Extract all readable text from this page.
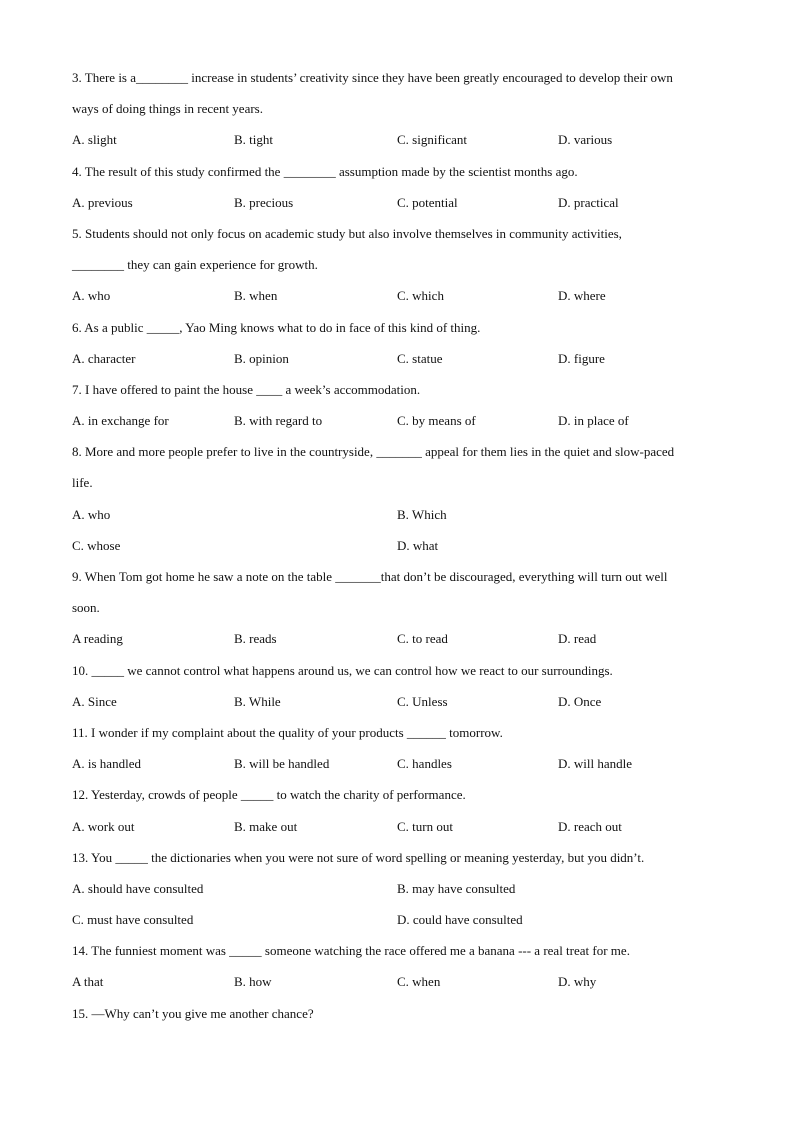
3. There is a________ increase in students’ creativity since they have been greatly encouraged to develop their own
ways of doing things in recent years.
A. slight	B. tight	C. significant	D. various
4. The result of this study confirmed the ________ assumption made by the scientist months ago.
A. previous	B. precious	C. potential	D. practical
5. Students should not only focus on academic study but also involve themselves in community activities,
________ they can gain experience for growth.
A. who	B. when	C. which	D. where
6. As a public _____, Yao Ming knows what to do in face of this kind of thing.
A. character	B. opinion	C. statue	D. figure
7. I have offered to paint the house ____ a week’s accommodation.
A. in exchange for	B. with regard to	C. by means of	D. in place of
8. More and more people prefer to live in the countryside, _______ appeal for them lies in the quiet and slow-paced
life.
A. who	B. Which
C. whose	D. what
9. When Tom got home he saw a note on the table _______that don’t be discouraged, everything will turn out well
soon.
A reading	B. reads	C. to read	D. read
10. _____ we cannot control what happens around us, we can control how we react to our surroundings.
A. Since	B. While	C. Unless	D. Once
11. I wonder if my complaint about the quality of your products ______ tomorrow.
A. is handled	B. will be handled	C. handles	D. will handle
12. Yesterday, crowds of people _____ to watch the charity of performance.
A. work out	B. make out	C. turn out	D. reach out
13. You _____ the dictionaries when you were not sure of word spelling or meaning yesterday, but you didn’t.
A. should have consulted	B. may have consulted
C. must have consulted	D. could have consulted
14. The funniest moment was _____ someone watching the race offered me a banana --- a real treat for me.
A that	B. how	C. when	D. why
15. —Why can’t you give me another chance?
